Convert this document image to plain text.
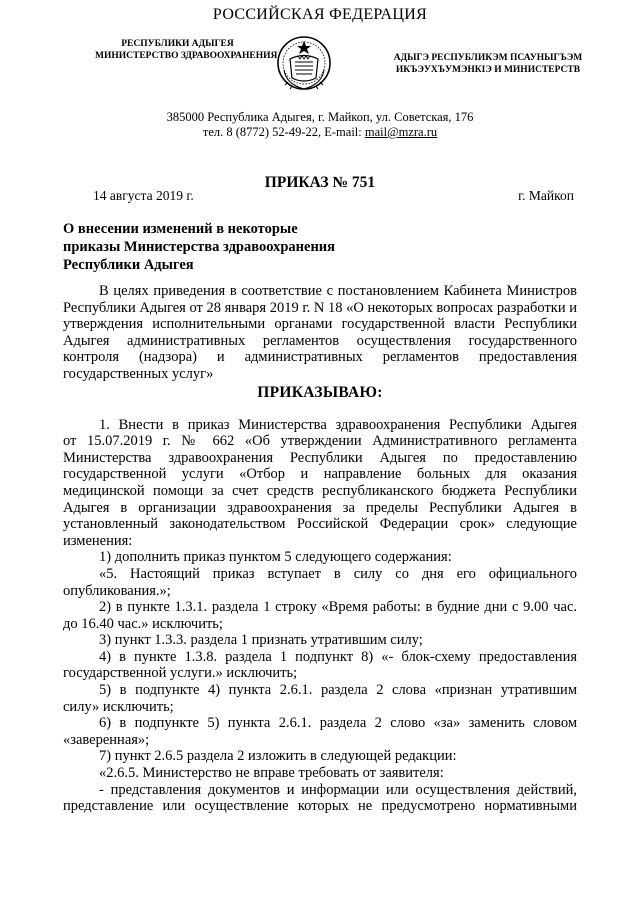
РОССИЙСКАЯ ФЕДЕРАЦИЯ
РЕСПУБЛИКИ АДЫГЕЯ
МИНИСТЕРСТВО ЗДРАВООХРАНЕНИЯ	АДЫГЭ РЕСПУБЛИКЭМ ПСАУНЫГЪЭМ
ИКЪЭУХЪУМЭНКIЭ И МИНИСТЕРСТВ
385000 Республика Адыгея, г. Майкоп, ул. Советская, 176
тел. 8 (8772) 52-49-22, E-mail: mail@mzra.ru
ПРИКАЗ № 751
14 августа 2019 г.	г. Майкоп
О внесении изменений в некоторые
приказы Министерства здравоохранения
Республики Адыгея
В целях приведения в соответствие с постановлением Кабинета Министров
Республики Адыгея от 28 января 2019 г. N 18 «О некоторых вопросах разработки и
утверждения исполнительными органами государственной власти Республики
Адыгея административных регламентов осуществления государственного
контроля (надзора) и административных регламентов предоставления
государственных услуг»
ПРИКАЗЫВАЮ:
1. Внести в приказ Министерства здравоохранения Республики Адыгея
от 15.07.2019 г. № 662 «Об утверждении Административного регламента
Министерства здравоохранения Республики Адыгея по предоставлению
государственной услуги «Отбор и направление больных для оказания
медицинской помощи за счет средств республиканского бюджета Республики
Адыгея в организации здравоохранения за пределы Республики Адыгея в
установленный законодательством Российской Федерации срок» следующие
изменения:
1) дополнить приказ пунктом 5 следующего содержания:
«5. Настоящий приказ вступает в силу со дня его официального
опубликования.»;
2) в пункте 1.3.1. раздела 1 строку «Время работы: в будние дни с 9.00 час.
до 16.40 час.» исключить;
3) пункт 1.3.3. раздела 1 признать утратившим силу;
4) в пункте 1.3.8. раздела 1 подпункт 8) «- блок-схему предоставления
государственной услуги.» исключить;
5) в подпункте 4) пункта 2.6.1. раздела 2 слова «признан утратившим
силу» исключить;
6) в подпункте 5) пункта 2.6.1. раздела 2 слово «за» заменить словом
«заверенная»;
7) пункт 2.6.5 раздела 2 изложить в следующей редакции:
«2.6.5. Министерство не вправе требовать от заявителя:
- представления документов и информации или осуществления действий,
представление или осуществление которых не предусмотрено нормативными
